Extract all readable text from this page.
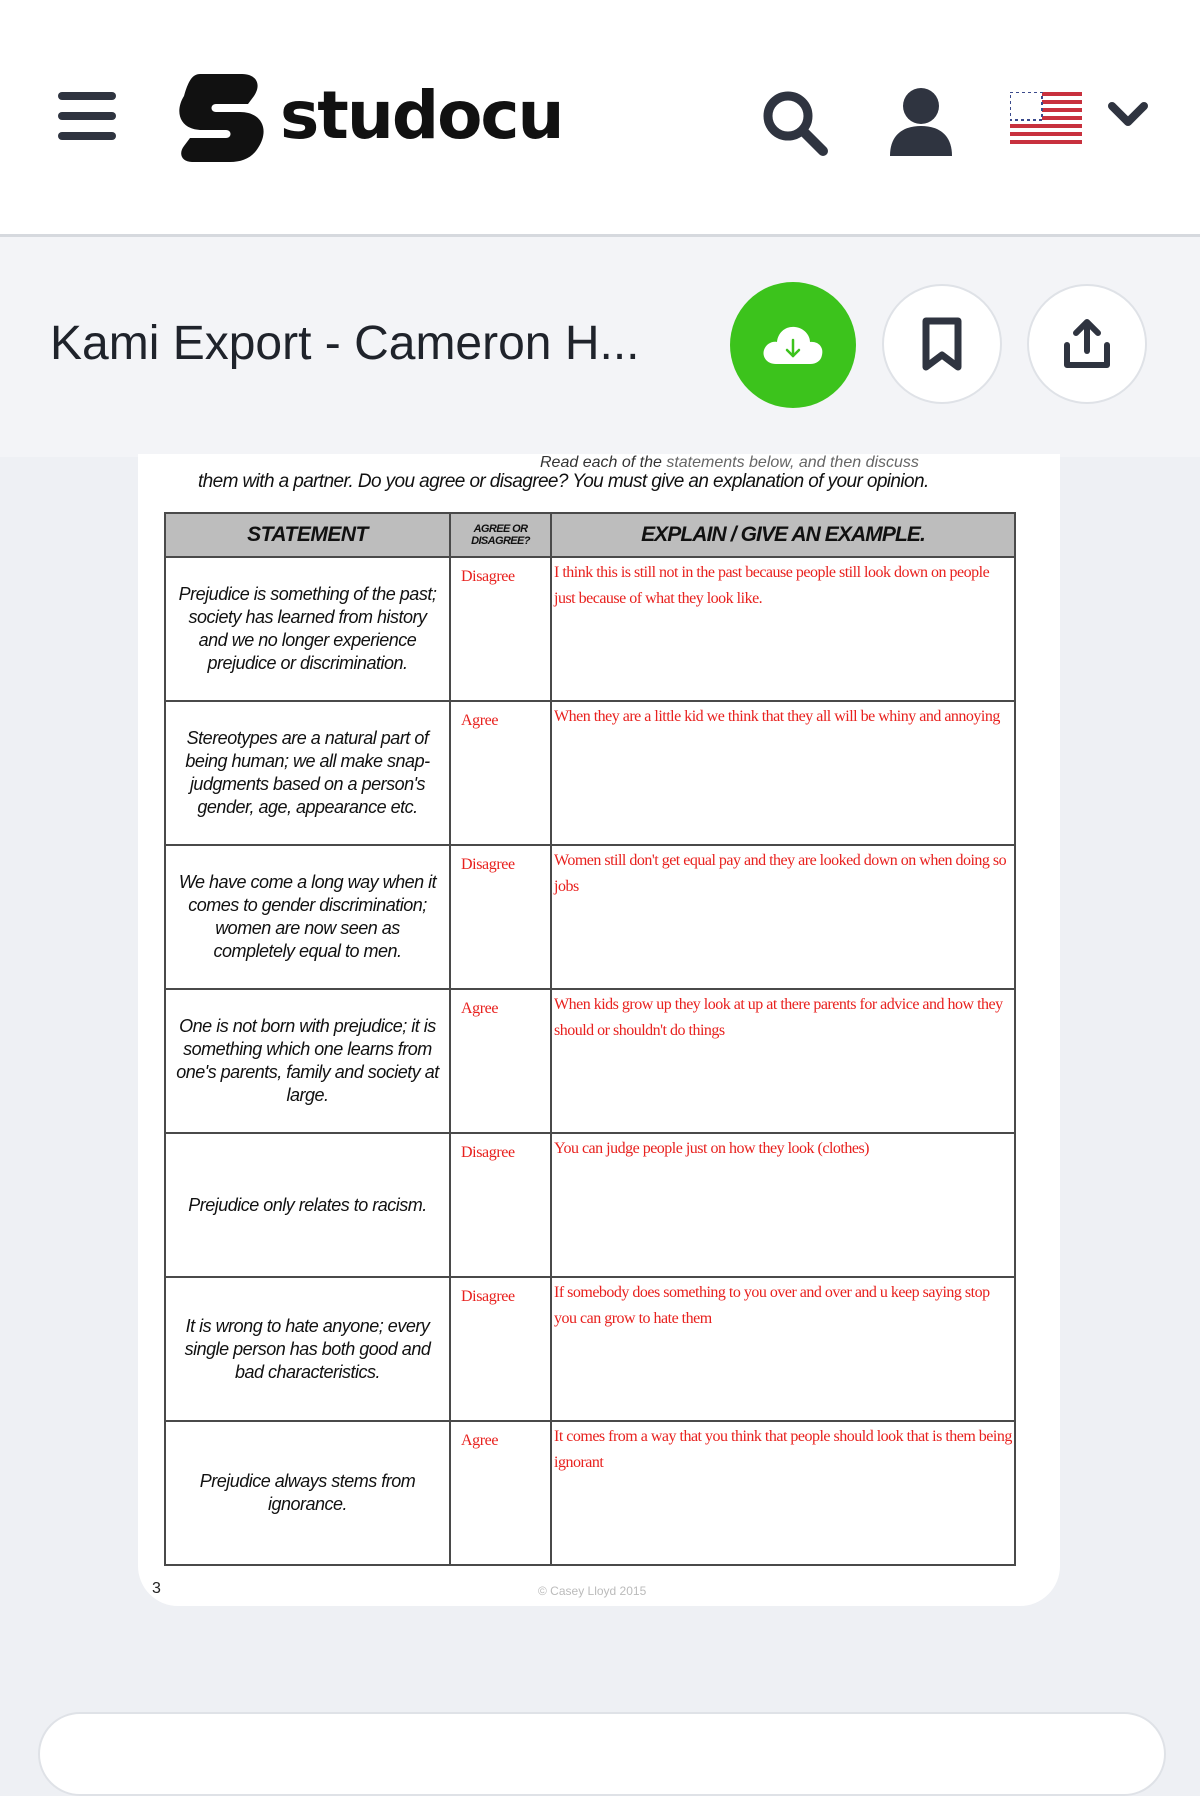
studocu
Kami Export - Cameron H...
Read each of the statements below, and then discuss
them with a partner. Do you agree or disagree? You must give an explanation of your opinion.
STATEMENT	AGREE OR DISAGREE?	EXPLAIN / GIVE AN EXAMPLE.

Prejudice is something of the past; society has learned from history and we no longer experience prejudice or discrimination.	Disagree	I think this is still not in the past because people still look down on people just because of what they look like.

Stereotypes are a natural part of being human; we all make snap-judgments based on a person's gender, age, appearance etc.	Agree	When they are a little kid we think that they all will be whiny and annoying

We have come a long way when it comes to gender discrimination; women are now seen as completely equal to men.	Disagree	Women still don't get equal pay and they are looked down on when doing so jobs

One is not born with prejudice; it is something which one learns from one's parents, family and society at large.	Agree	When kids grow up they look at up at there parents for advice and how they should or shouldn't do things

Prejudice only relates to racism.	Disagree	You can judge people just on how they look (clothes)

It is wrong to hate anyone; every single person has both good and bad characteristics.	Disagree	If somebody does something to you over and over and u keep saying stop you can grow to hate them

Prejudice always stems from ignorance.	Agree	It comes from a way that you think that people should look that is them being ignorant
3	© Casey Lloyd 2015
